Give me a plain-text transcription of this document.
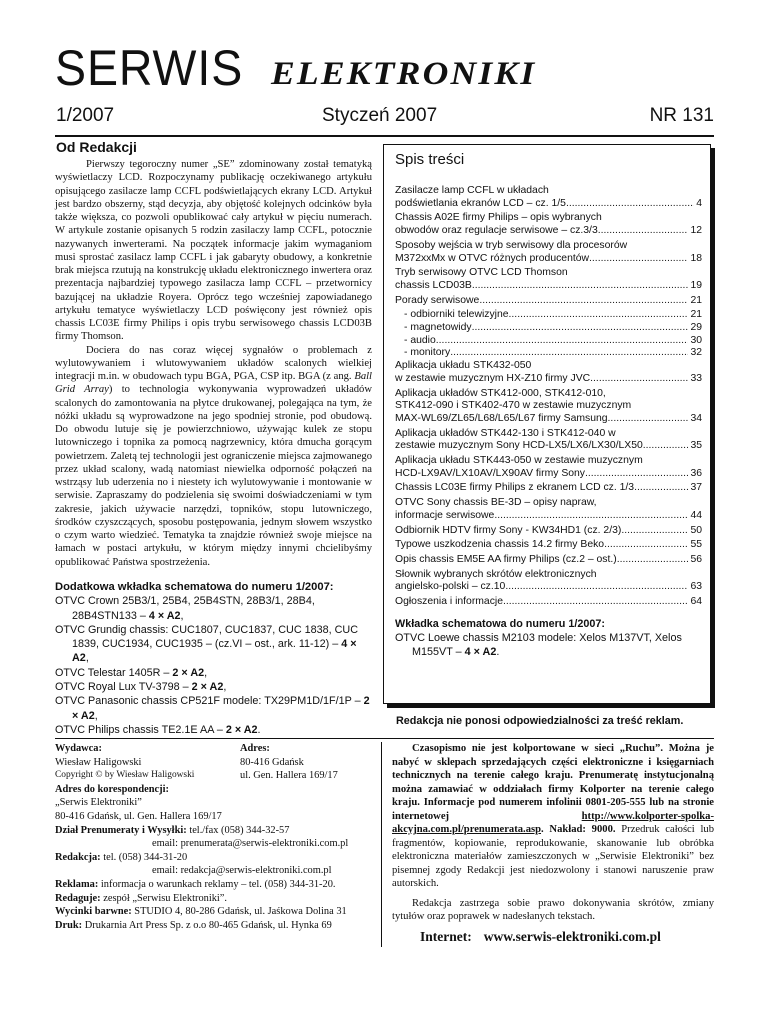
SERWIS ELEKTRONIKI
1/2007	Styczeń 2007	NR 131
Od Redakcji

Pierwszy tegoroczny numer „SE” zdominowany został tematyką wyświetlaczy LCD. Rozpoczynamy publikację oczekiwanego artykułu opisującego zasilacze lamp CCFL podświetlających ekrany LCD. Artykuł jest bardzo obszerny, stąd decyzja, aby objętość kolejnych odcinków była także większa, co pozwoli opublikować cały artykuł w pięciu numerach. W artykule zostanie opisanych 5 rodzin zasilaczy lamp CCFL, potocznie nazywanych inwerterami. Na początek informacje jakim wymaganiom musi sprostać zasilacz lamp CCFL i jak gabaryty obudowy, a konkretnie brak miejsca rzutują na konstrukcję układu elektronicznego inwertera oraz prezentacja najbardziej typowego zasilacza lamp CCFL – przetwornicy bazującej na układzie Royera. Oprócz tego wcześniej zapowiadanego artykułu tematyce wyświetlaczy LCD poświęcony jest również opis chassis LC03E firmy Philips i opis trybu serwisowego chassis LCD03B firmy Thomson.

Dociera do nas coraz więcej sygnałów o problemach z wylutowywaniem i wlutowywaniem układów scalonych wielkiej integracji m.in. w obudowach typu BGA, PGA, CSP itp. BGA (z ang. Ball Grid Array) to technologia wykonywania wyprowadzeń układów scalonych do zamontowania na płytce drukowanej, polegająca na tym, że nóżki układu są wyprowadzone na jego spodniej stronie, pod obudową. Do obwodu lutuje się je powierzchniowo, używając kulek ze stopu lutowniczego i topnika za pomocą nagrzewnicy, która dmucha gorącym powietrzem. Zaletą tej technologii jest ograniczenie miejsca zajmowanego przez układ scalony, wadą natomiast niewielka odporność połączeń na wstrząsy lub uderzenia no i niestety ich wylutowywanie i montowanie w serwisie. Zapraszamy do podzielenia się swoimi doświadczeniami w tym zakresie, jakich używacie narzędzi, topników, stopu lutowniczego, środków czyszczących, sposobu postępowania, jednym słowem wszystko o czym warto wiedzieć. Tematyka ta znajdzie również swoje miejsce na łamach w postaci artykułu, w którym między innymi chcielibyśmy opublikować Państwa spostrzeżenia.

Dodatkowa wkładka schematowa do numeru 1/2007:
OTVC Crown 25B3/1, 25B4, 25B4STN, 28B3/1, 28B4, 28B4STN133 – 4 × A2,
OTVC Grundig chassis: CUC1807, CUC1837, CUC 1838, CUC 1839, CUC1934, CUC1935 – (cz.VI – ost., ark. 11-12) – 4 × A2,
OTVC Telestar 1405R – 2 × A2,
OTVC Royal Lux TV-3798 – 2 × A2,
OTVC Panasonic chassis CP521F modele: TX29PM1D/1F/1P – 2 × A2,
OTVC Philips chassis TE2.1E AA – 2 × A2.
Spis treści
Zasilacze lamp CCFL w układach
podświetlania ekranów LCD – cz. 1/5 .....	4
Chassis A02E firmy Philips – opis wybranych
obwodów oraz regulacje serwisowe – cz.3/3 .....	12
Sposoby wejścia w tryb serwisowy dla procesorów
M372xxMx w OTVC różnych producentów .....	18
Tryb serwisowy OTVC LCD Thomson
chassis LCD03B .....	19
Porady serwisowe .....	21
- odbiorniki telewizyjne .....	21
- magnetowidy .....	29
- audio .....	30
- monitory .....	32
Aplikacja układu STK432-050
w zestawie muzycznym HX-Z10 firmy JVC .....	33
Aplikacja układów STK412-000, STK412-010,
STK412-090 i STK402-470 w zestawie muzycznym
MAX-WL69/ZL65/L68/L65/L67 firmy Samsung .....	34
Aplikacja układów STK442-130 i STK412-040 w
zestawie muzycznym Sony HCD-LX5/LX6/LX30/LX50 .....	35
Aplikacja układu STK443-050 w zestawie muzycznym
HCD-LX9AV/LX10AV/LX90AV firmy Sony .....	36
Chassis LC03E firmy Philips z ekranem LCD cz. 1/3 .....	37
OTVC Sony chassis BE-3D – opisy napraw,
informacje serwisowe .....	44
Odbiornik HDTV firmy Sony - KW34HD1 (cz. 2/3) .....	50
Typowe uszkodzenia chassis 14.2 firmy Beko .....	55
Opis chassis EM5E AA firmy Philips (cz.2 – ost.) .....	56
Słownik wybranych skrótów elektronicznych
angielsko-polski – cz.10 .....	63
Ogłoszenia i informacje .....	64
Wkładka schematowa do numeru 1/2007:
OTVC Loewe chassis M2103 modele: Xelos M137VT, Xelos M155VT – 4 × A2.
Redakcja nie ponosi odpowiedzialności za treść reklam.
Wydawca:	Adres:
Wiesław Haligowski	80-416 Gdańsk
Copyright © by Wiesław Haligowski	ul. Gen. Hallera 169/17
Adres do korespondencji:
„Serwis Elektroniki”
80-416 Gdańsk, ul. Gen. Hallera 169/17
Dział Prenumeraty i Wysyłki: tel./fax (058) 344-32-57
email: prenumerata@serwis-elektroniki.com.pl
Redakcja: tel. (058) 344-31-20
email: redakcja@serwis-elektroniki.com.pl
Reklama: informacja o warunkach reklamy – tel. (058) 344-31-20.
Redaguje: zespół „Serwisu Elektroniki”.
Wycinki barwne: STUDIO 4, 80-286 Gdańsk, ul. Jaśkowa Dolina 31
Druk: Drukarnia Art Press Sp. z o.o 80-465 Gdańsk, ul. Hynka 69

Czasopismo nie jest kolportowane w sieci „Ruchu”. Można je nabyć w sklepach sprzedających części elektroniczne i księgarniach technicznych na terenie całego kraju. Prenumeratę instytucjonalną można zamawiać w oddziałach firmy Kolporter na terenie całego kraju. Informacje pod numerem infolinii 0801-205-555 lub na stronie internetowej http://www.kolporter-spolka-akcyjna.com.pl/prenumerata.asp. Nakład: 9000. Przedruk całości lub fragmentów, kopiowanie, reprodukowanie, skanowanie lub obróbka elektroniczna materiałów zamieszczonych w „Serwisie Elektroniki” bez pisemnej zgody Redakcji jest niedozwolony i stanowi naruszenie praw autorskich.

Redakcja zastrzega sobie prawo dokonywania skrótów, zmiany tytułów oraz poprawek w nadesłanych tekstach.

Internet: www.serwis-elektroniki.com.pl
